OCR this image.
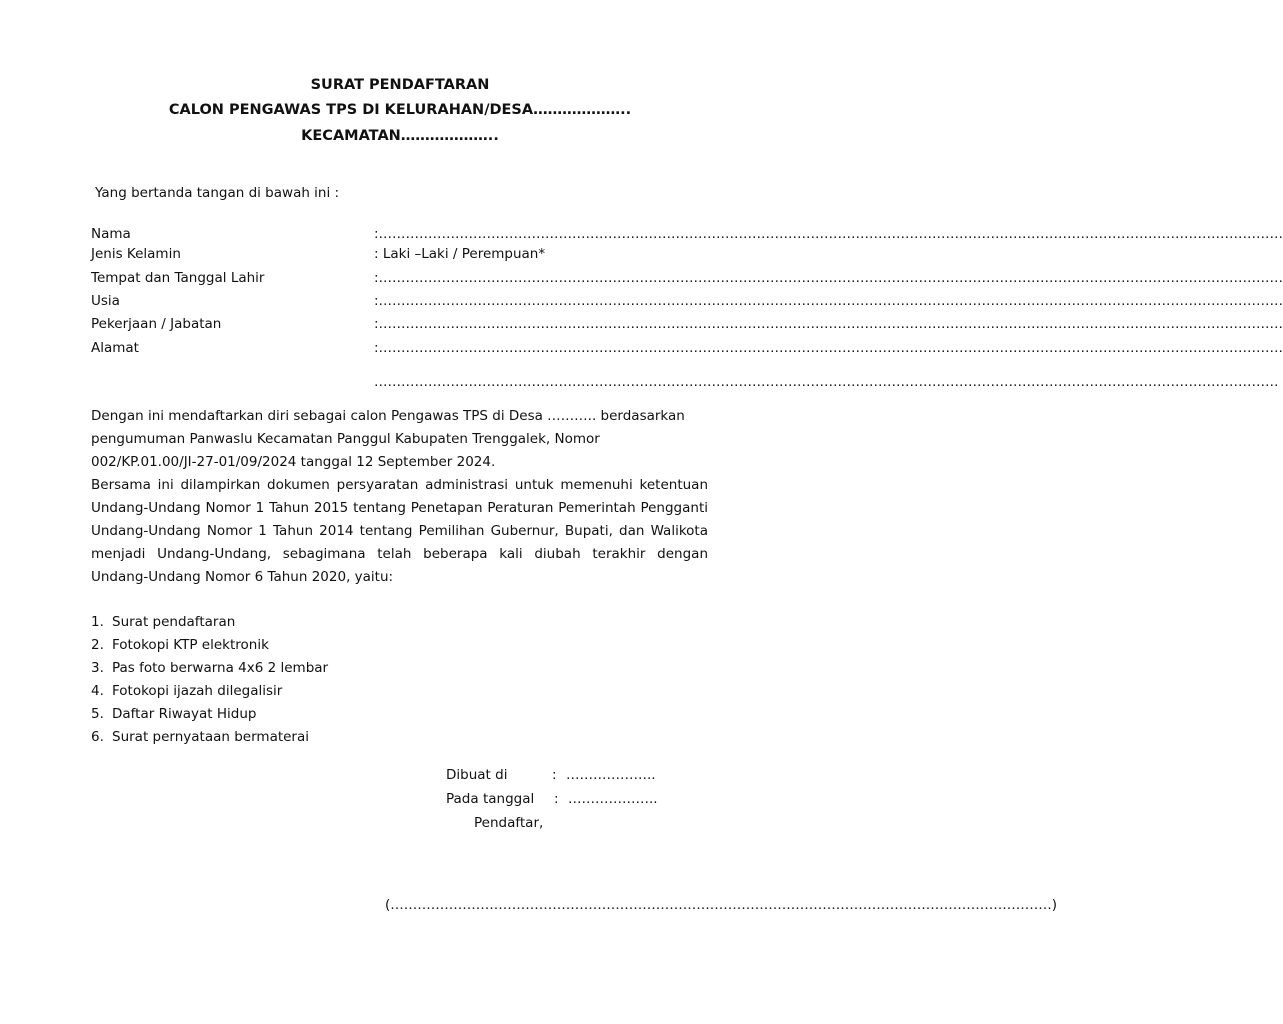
SURAT PENDAFTARAN
CALON PENGAWAS TPS DI KELURAHAN/DESA………………..
KECAMATAN………………..
Yang bertanda tangan di bawah ini :
Nama	:…………………………………………………………………………………………………………………………………………………………………………………
Jenis Kelamin	: Laki –Laki / Perempuan*
Tempat dan Tanggal Lahir	:…………………………………………………………………………………………………………………………………………………………………………………
Usia	:…………………………………………………………………………………………………………………………………………………………………………………
Pekerjaan / Jabatan	:…………………………………………………………………………………………………………………………………………………………………………………
Alamat	:…………………………………………………………………………………………………………………………………………………………………………………
…………………………………………………………………………………………………………………………………………………………………………………
Dengan ini mendaftarkan diri sebagai calon Pengawas TPS di Desa ……….. berdasarkan pengumuman Panwaslu Kecamatan Panggul Kabupaten Trenggalek, Nomor 002/KP.01.00/JI-27-01/09/2024 tanggal 12 September 2024.
Bersama ini dilampirkan dokumen persyaratan administrasi untuk memenuhi ketentuan Undang-Undang Nomor 1 Tahun 2015 tentang Penetapan Peraturan Pemerintah Pengganti Undang-Undang Nomor 1 Tahun 2014 tentang Pemilihan Gubernur, Bupati, dan Walikota menjadi Undang-Undang, sebagimana telah beberapa kali diubah terakhir dengan Undang-Undang Nomor 6 Tahun 2020, yaitu:
1. Surat pendaftaran
2. Fotokopi KTP elektronik
3. Pas foto berwarna 4x6 2 lembar
4. Fotokopi ijazah dilegalisir
5. Daftar Riwayat Hidup
6. Surat pernyataan bermaterai
Dibuat di	: ………………..
Pada tanggal : ………………..
Pendaftar,
(…………………………………………………………………………………………………………………………………)
